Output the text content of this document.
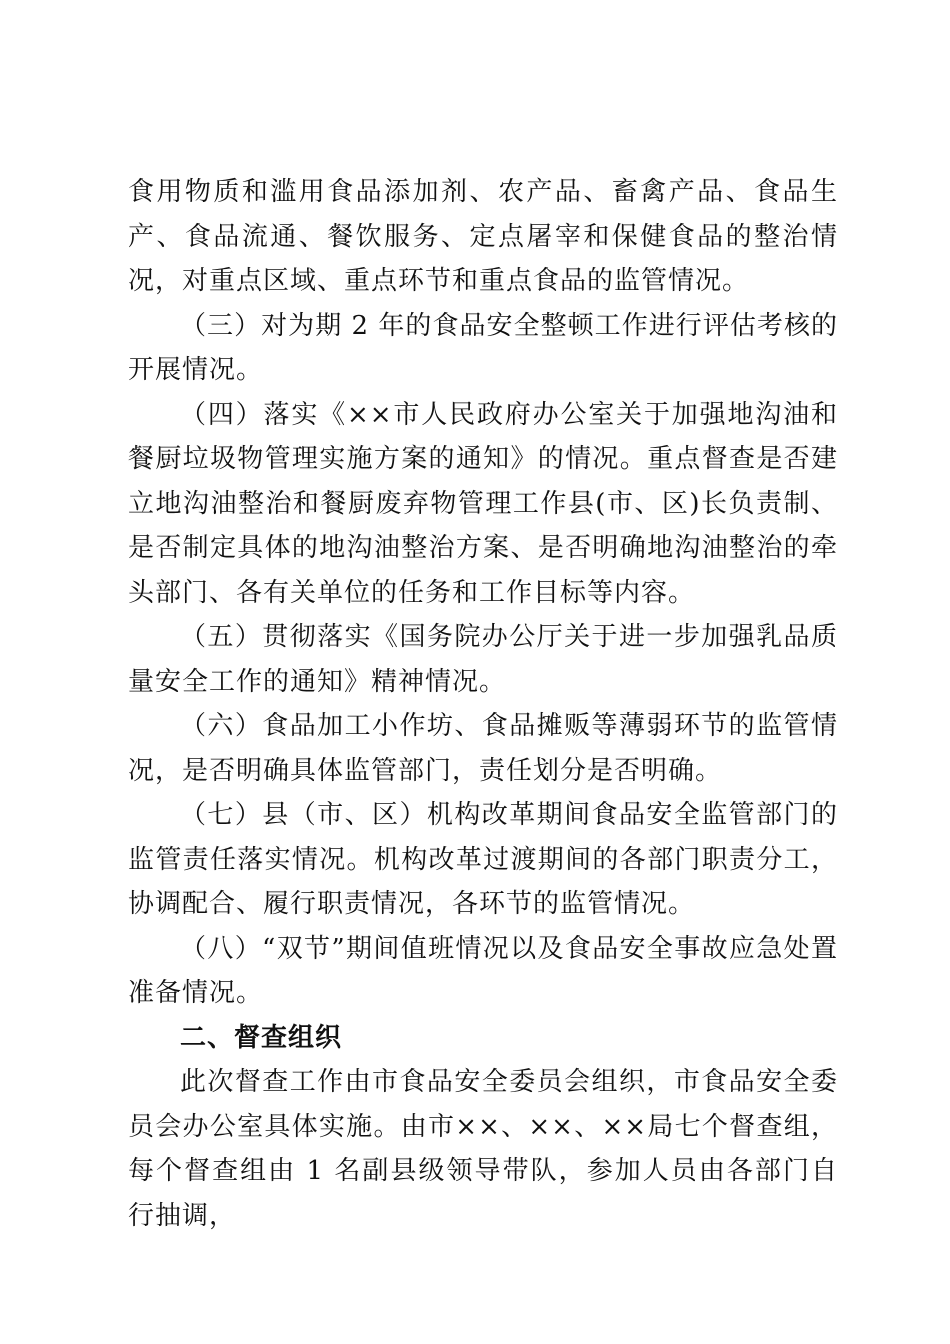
食用物质和滥用食品添加剂、农产品、畜禽产品、食品生产、食品流通、餐饮服务、定点屠宰和保健食品的整治情况，对重点区域、重点环节和重点食品的监管情况。

（三）对为期 2 年的食品安全整顿工作进行评估考核的开展情况。

（四）落实《××市人民政府办公室关于加强地沟油和餐厨垃圾物管理实施方案的通知》的情况。重点督查是否建立地沟油整治和餐厨废弃物管理工作县(市、区)长负责制、是否制定具体的地沟油整治方案、是否明确地沟油整治的牵头部门、各有关单位的任务和工作目标等内容。

（五）贯彻落实《国务院办公厅关于进一步加强乳品质量安全工作的通知》精神情况。

（六）食品加工小作坊、食品摊贩等薄弱环节的监管情况，是否明确具体监管部门，责任划分是否明确。

（七）县（市、区）机构改革期间食品安全监管部门的监管责任落实情况。机构改革过渡期间的各部门职责分工，协调配合、履行职责情况，各环节的监管情况。

（八）“双节”期间值班情况以及食品安全事故应急处置准备情况。

二、督查组织

此次督查工作由市食品安全委员会组织，市食品安全委员会办公室具体实施。由市××、××、××局七个督查组，每个督查组由 1 名副县级领导带队，参加人员由各部门自行抽调，
